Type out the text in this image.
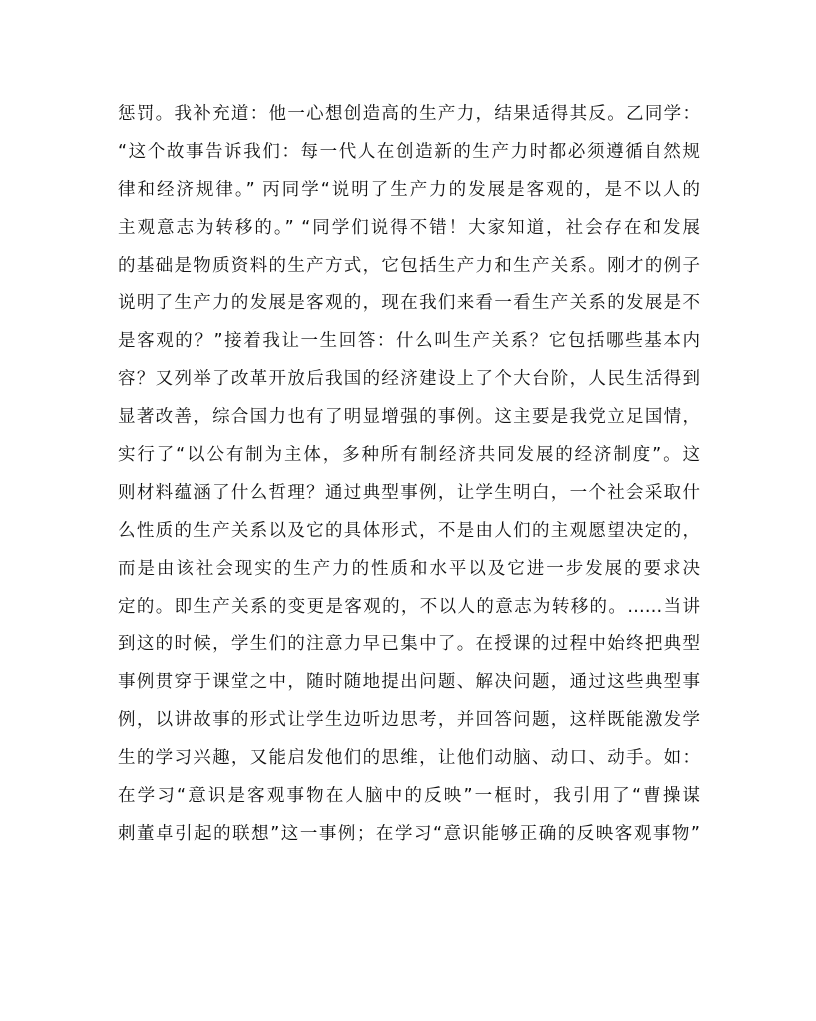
惩罚。我补充道：他一心想创造高的生产力，结果适得其反。乙同学：
“这个故事告诉我们：每一代人在创造新的生产力时都必须遵循自然规
律和经济规律。” 丙同学“说明了生产力的发展是客观的，是不以人的
主观意志为转移的。” “同学们说得不错！大家知道，社会存在和发展
的基础是物质资料的生产方式，它包括生产力和生产关系。刚才的例子
说明了生产力的发展是客观的，现在我们来看一看生产关系的发展是不
是客观的？”接着我让一生回答：什么叫生产关系？它包括哪些基本内
容？又列举了改革开放后我国的经济建设上了个大台阶，人民生活得到
显著改善，综合国力也有了明显增强的事例。这主要是我党立足国情，
实行了“以公有制为主体，多种所有制经济共同发展的经济制度”。这
则材料蕴涵了什么哲理？通过典型事例，让学生明白，一个社会采取什
么性质的生产关系以及它的具体形式，不是由人们的主观愿望决定的，
而是由该社会现实的生产力的性质和水平以及它进一步发展的要求决
定的。即生产关系的变更是客观的，不以人的意志为转移的。……当讲
到这的时候，学生们的注意力早已集中了。在授课的过程中始终把典型
事例贯穿于课堂之中，随时随地提出问题、解决问题，通过这些典型事
例，以讲故事的形式让学生边听边思考，并回答问题，这样既能激发学
生的学习兴趣，又能启发他们的思维，让他们动脑、动口、动手。如：
在学习“意识是客观事物在人脑中的反映”一框时，我引用了“曹操谋
刺董卓引起的联想”这一事例；在学习“意识能够正确的反映客观事物”
